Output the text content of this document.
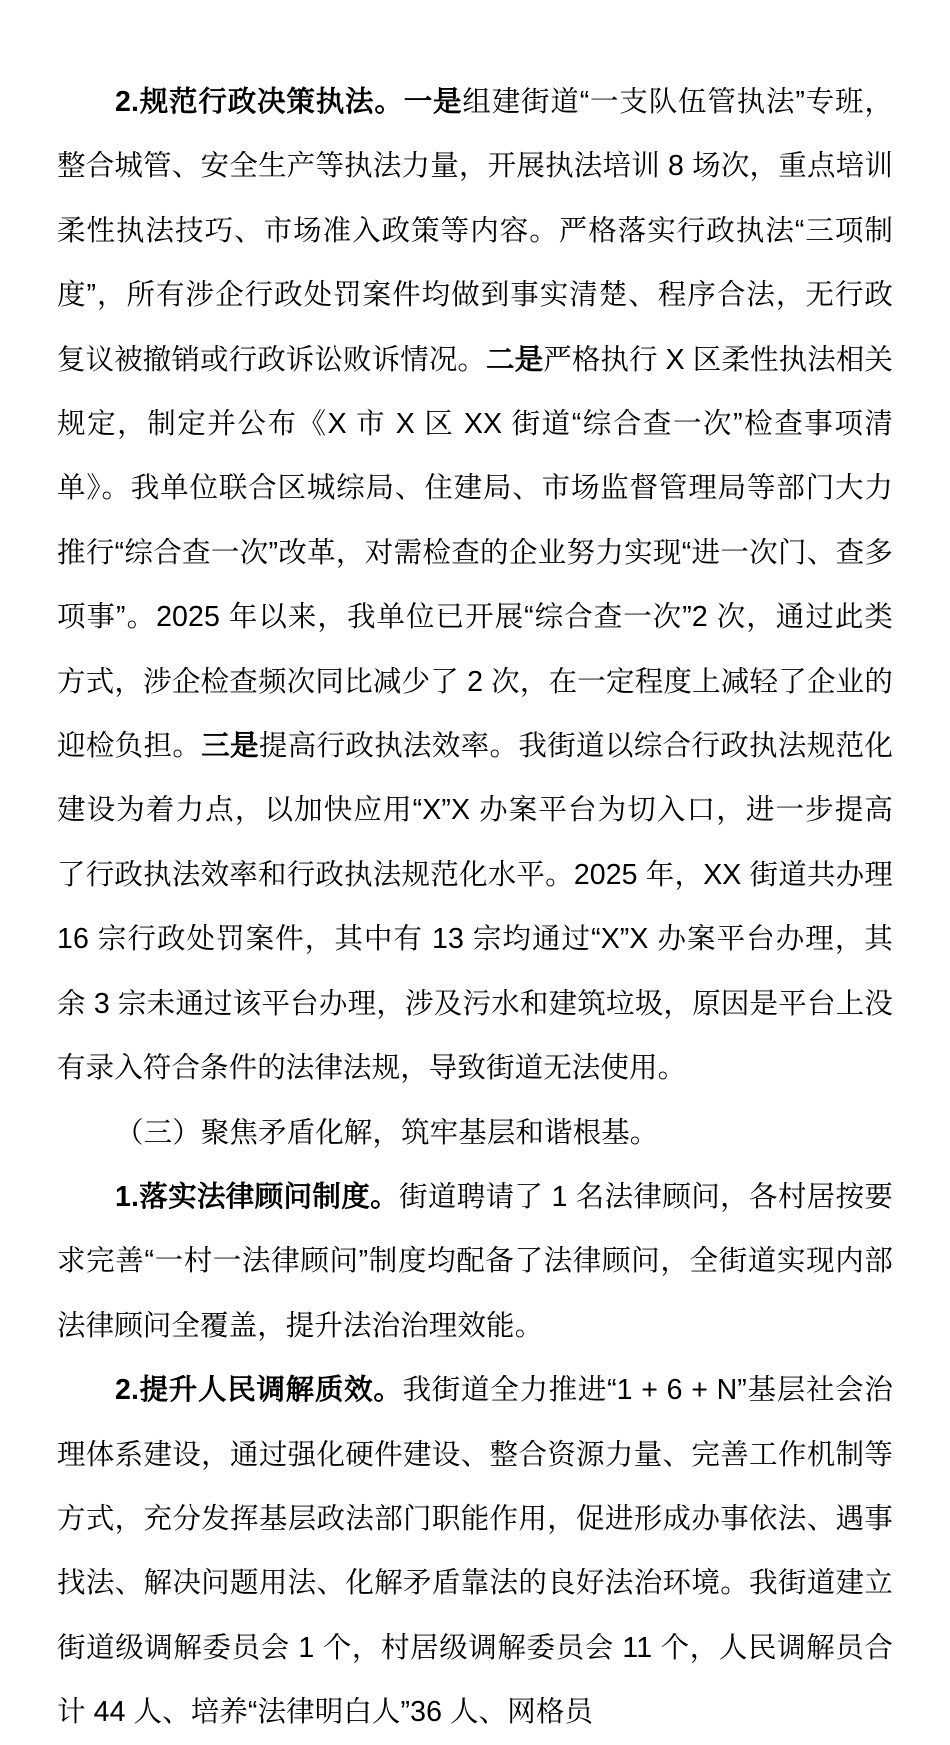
2.规范行政决策执法。一是组建街道“一支队伍管执法”专班，整合城管、安全生产等执法力量，开展执法培训 8 场次，重点培训柔性执法技巧、市场准入政策等内容。严格落实行政执法“三项制度”，所有涉企行政处罚案件均做到事实清楚、程序合法，无行政复议被撤销或行政诉讼败诉情况。二是严格执行 X 区柔性执法相关规定，制定并公布《X 市 X 区 XX 街道“综合查一次”检查事项清单》。我单位联合区城综局、住建局、市场监督管理局等部门大力推行“综合查一次”改革，对需检查的企业努力实现“进一次门、查多项事”。2025 年以来，我单位已开展“综合查一次”2 次，通过此类方式，涉企检查频次同比减少了 2 次，在一定程度上减轻了企业的迎检负担。三是提高行政执法效率。我街道以综合行政执法规范化建设为着力点，以加快应用“X”X 办案平台为切入口，进一步提高了行政执法效率和行政执法规范化水平。2025 年，XX 街道共办理 16 宗行政处罚案件，其中有 13 宗均通过“X”X 办案平台办理，其余 3 宗未通过该平台办理，涉及污水和建筑垃圾，原因是平台上没有录入符合条件的法律法规，导致街道无法使用。

（三）聚焦矛盾化解，筑牢基层和谐根基。

1.落实法律顾问制度。街道聘请了 1 名法律顾问，各村居按要求完善“一村一法律顾问”制度均配备了法律顾问，全街道实现内部法律顾问全覆盖，提升法治治理效能。

2.提升人民调解质效。我街道全力推进“1 + 6 + N”基层社会治理体系建设，通过强化硬件建设、整合资源力量、完善工作机制等方式，充分发挥基层政法部门职能作用，促进形成办事依法、遇事找法、解决问题用法、化解矛盾靠法的良好法治环境。我街道建立街道级调解委员会 1 个，村居级调解委员会 11 个，人民调解员合计 44 人、培养“法律明白人”36 人、网格员
